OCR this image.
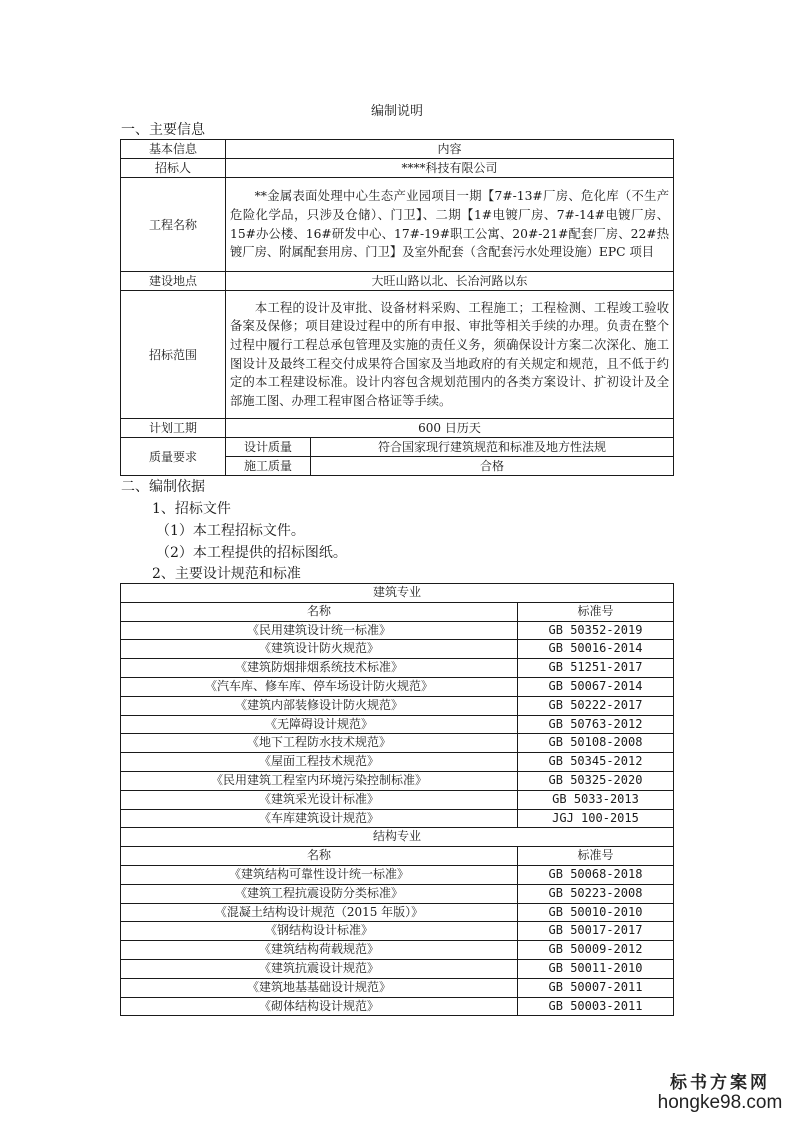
编制说明
一、主要信息
基本信息	内容	
招标人	****科技有限公司	
工程名称	**金属表面处理中心生态产业园项目一期【7#-13#厂房、危化库（不生产危险化学品，只涉及仓储）、门卫】、二期【1#电镀厂房、7#-14#电镀厂房、15#办公楼、16#研发中心、17#-19#职工公寓、20#-21#配套厂房、22#热镀厂房、附属配套用房、门卫】及室外配套（含配套污水处理设施）EPC 项目	
建设地点	大旺山路以北、长冶河路以东	
招标范围	本工程的设计及审批、设备材料采购、工程施工；工程检测、工程竣工验收备案及保修；项目建设过程中的所有申报、审批等相关手续的办理。负责在整个过程中履行工程总承包管理及实施的责任义务，须确保设计方案二次深化、施工图设计及最终工程交付成果符合国家及当地政府的有关规定和规范，且不低于约定的本工程建设标准。设计内容包含规划范围内的各类方案设计、扩初设计及全部施工图、办理工程审图合格证等手续。	
计划工期	600 日历天	
质量要求	设计质量	符合国家现行建筑规范和标准及地方性法规
	施工质量	合格
二、编制依据
1、招标文件
（1）本工程招标文件。
（2）本工程提供的招标图纸。
2、主要设计规范和标准
建筑专业	
名称	标准号
《民用建筑设计统一标准》	GB 50352-2019
《建筑设计防火规范》	GB 50016-2014
《建筑防烟排烟系统技术标准》	GB 51251-2017
《汽车库、修车库、停车场设计防火规范》	GB 50067-2014
《建筑内部装修设计防火规范》	GB 50222-2017
《无障碍设计规范》	GB 50763-2012
《地下工程防水技术规范》	GB 50108-2008
《屋面工程技术规范》	GB 50345-2012
《民用建筑工程室内环境污染控制标准》	GB 50325-2020
《建筑采光设计标准》	GB 5033-2013
《车库建筑设计规范》	JGJ 100-2015
结构专业	
名称	标准号
《建筑结构可靠性设计统一标准》	GB 50068-2018
《建筑工程抗震设防分类标准》	GB 50223-2008
《混凝土结构设计规范（2015 年版）》	GB 50010-2010
《钢结构设计标准》	GB 50017-2017
《建筑结构荷载规范》	GB 50009-2012
《建筑抗震设计规范》	GB 50011-2010
《建筑地基基础设计规范》	GB 50007-2011
《砌体结构设计规范》	GB 50003-2011
标书方案网
hongke98.com
